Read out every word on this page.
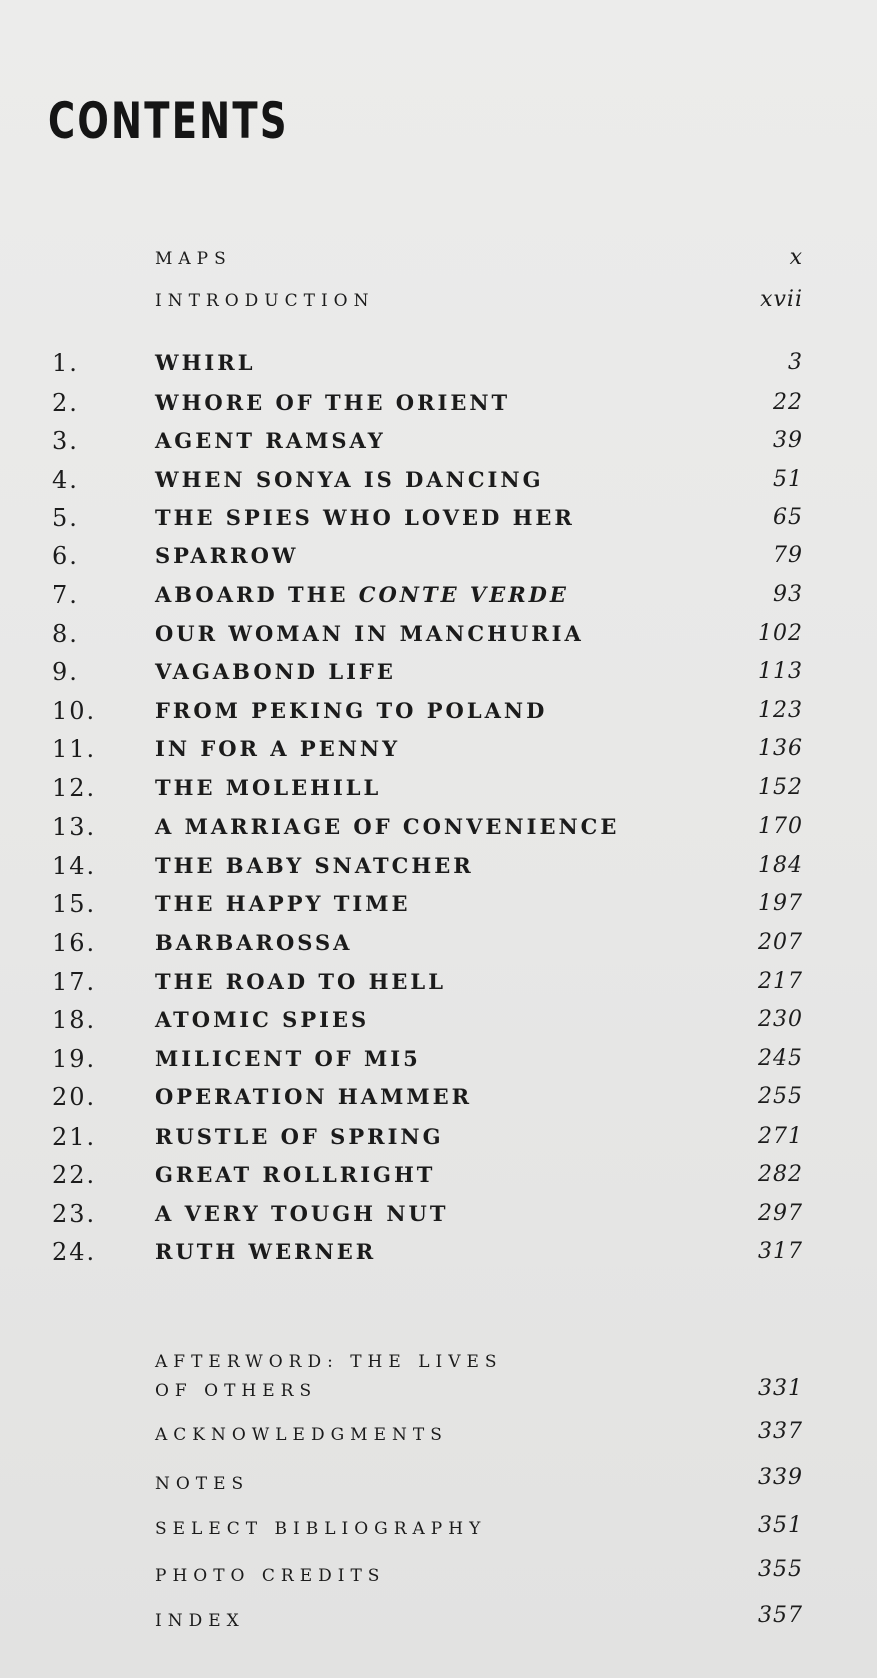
CONTENTS
MAPS	x
INTRODUCTION	xvii
1.	WHIRL	3
2.	WHORE OF THE ORIENT	22
3.	AGENT RAMSAY	39
4.	WHEN SONYA IS DANCING	51
5.	THE SPIES WHO LOVED HER	65
6.	SPARROW	79
7.	ABOARD THE CONTE VERDE	93
8.	OUR WOMAN IN MANCHURIA	102
9.	VAGABOND LIFE	113
10.	FROM PEKING TO POLAND	123
11.	IN FOR A PENNY	136
12.	THE MOLEHILL	152
13.	A MARRIAGE OF CONVENIENCE	170
14.	THE BABY SNATCHER	184
15.	THE HAPPY TIME	197
16.	BARBAROSSA	207
17.	THE ROAD TO HELL	217
18.	ATOMIC SPIES	230
19.	MILICENT OF MI5	245
20.	OPERATION HAMMER	255
21.	RUSTLE OF SPRING	271
22.	GREAT ROLLRIGHT	282
23.	A VERY TOUGH NUT	297
24.	RUTH WERNER	317
AFTERWORD: THE LIVES
OF OTHERS	331
ACKNOWLEDGMENTS	337
NOTES	339
SELECT BIBLIOGRAPHY	351
PHOTO CREDITS	355
INDEX	357
